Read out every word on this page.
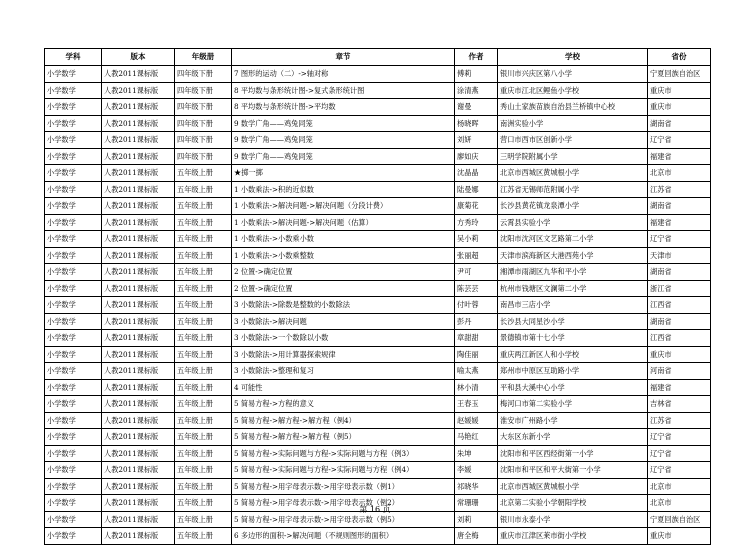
学科	版本	年级册	章节	作者	学校	省份
小学数学	人教2011课标版	四年级下册	7 图形的运动（二）->轴对称	傅莉	银川市兴庆区第八小学	宁夏回族自治区
小学数学	人教2011课标版	四年级下册	8 平均数与条形统计图->复式条形统计图	涂清燕	重庆市江北区鲤鱼小学校	重庆市
小学数学	人教2011课标版	四年级下册	8 平均数与条形统计图->平均数	谢曼	秀山土家族苗族自治县兰桥镇中心校	重庆市
小学数学	人教2011课标版	四年级下册	9 数学广角——鸡兔同笼	杨晓晖	南洲实验小学	湖南省
小学数学	人教2011课标版	四年级下册	9 数学广角——鸡兔同笼	刘妍	营口市西市区创新小学	辽宁省
小学数学	人教2011课标版	四年级下册	9 数学广角——鸡兔同笼	廖如庆	三明学院附属小学	福建省
小学数学	人教2011课标版	五年级上册	★掷一掷	沈晶晶	北京市西城区黄城根小学	北京市
小学数学	人教2011课标版	五年级上册	1 小数乘法->积的近似数	陆曼娜	江苏省无锡师范附属小学	江苏省
小学数学	人教2011课标版	五年级上册	1 小数乘法->解决问题->解决问题（分段计费）	康菊花	长沙县黄花镇龙泉潭小学	湖南省
小学数学	人教2011课标版	五年级上册	1 小数乘法->解决问题->解决问题（估算）	方秀玲	云霄县实验小学	福建省
小学数学	人教2011课标版	五年级上册	1 小数乘法->小数乘小数	吴小莉	沈阳市沈河区文艺路第二小学	辽宁省
小学数学	人教2011课标版	五年级上册	1 小数乘法->小数乘整数	张丽超	天津市滨海新区大港西苑小学	天津市
小学数学	人教2011课标版	五年级上册	2 位置->确定位置	尹可	湘潭市雨湖区九华和平小学	湖南省
小学数学	人教2011课标版	五年级上册	2 位置->确定位置	陈芸芸	杭州市钱塘区文澜第二小学	浙江省
小学数学	人教2011课标版	五年级上册	3 小数除法->除数是整数的小数除法	付叶蓉	南昌市三店小学	江西省
小学数学	人教2011课标版	五年级上册	3 小数除法->解决问题	彭丹	长沙县大同星沙小学	湖南省
小学数学	人教2011课标版	五年级上册	3 小数除法->一个数除以小数	章甜甜	景德镇市第十七小学	江西省
小学数学	人教2011课标版	五年级上册	3 小数除法->用计算器探索规律	陶佳丽	重庆两江新区人和小学校	重庆市
小学数学	人教2011课标版	五年级上册	3 小数除法->整理和复习	喻太燕	郑州市中原区互助路小学	河南省
小学数学	人教2011课标版	五年级上册	4 可能性	林小清	平和县大溪中心小学	福建省
小学数学	人教2011课标版	五年级上册	5 简易方程->方程的意义	王春玉	梅河口市第二实验小学	吉林省
小学数学	人教2011课标版	五年级上册	5 简易方程->解方程->解方程（例4）	赵媛媛	淮安市广州路小学	江苏省
小学数学	人教2011课标版	五年级上册	5 简易方程->解方程->解方程（例5）	马艳红	大东区东新小学	辽宁省
小学数学	人教2011课标版	五年级上册	5 简易方程->实际问题与方程->实际问题与方程（例3）	朱坤	沈阳市和平区西经街第一小学	辽宁省
小学数学	人教2011课标版	五年级上册	5 简易方程->实际问题与方程->实际问题与方程（例4）	李媛	沈阳市和平区和平大街第一小学	辽宁省
小学数学	人教2011课标版	五年级上册	5 简易方程->用字母表示数->用字母表示数（例1）	祁晓华	北京市西城区黄城根小学	北京市
小学数学	人教2011课标版	五年级上册	5 简易方程->用字母表示数->用字母表示数（例2）	常珊珊	北京第二实验小学朝阳学校	北京市
小学数学	人教2011课标版	五年级上册	5 简易方程->用字母表示数->用字母表示数（例5）	刘莉	银川市永泰小学	宁夏回族自治区
小学数学	人教2011课标版	五年级上册	6 多边形的面积->解决问题（不规则图形的面积）	唐全梅	重庆市江津区莱市街小学校	重庆市
第 16 页
